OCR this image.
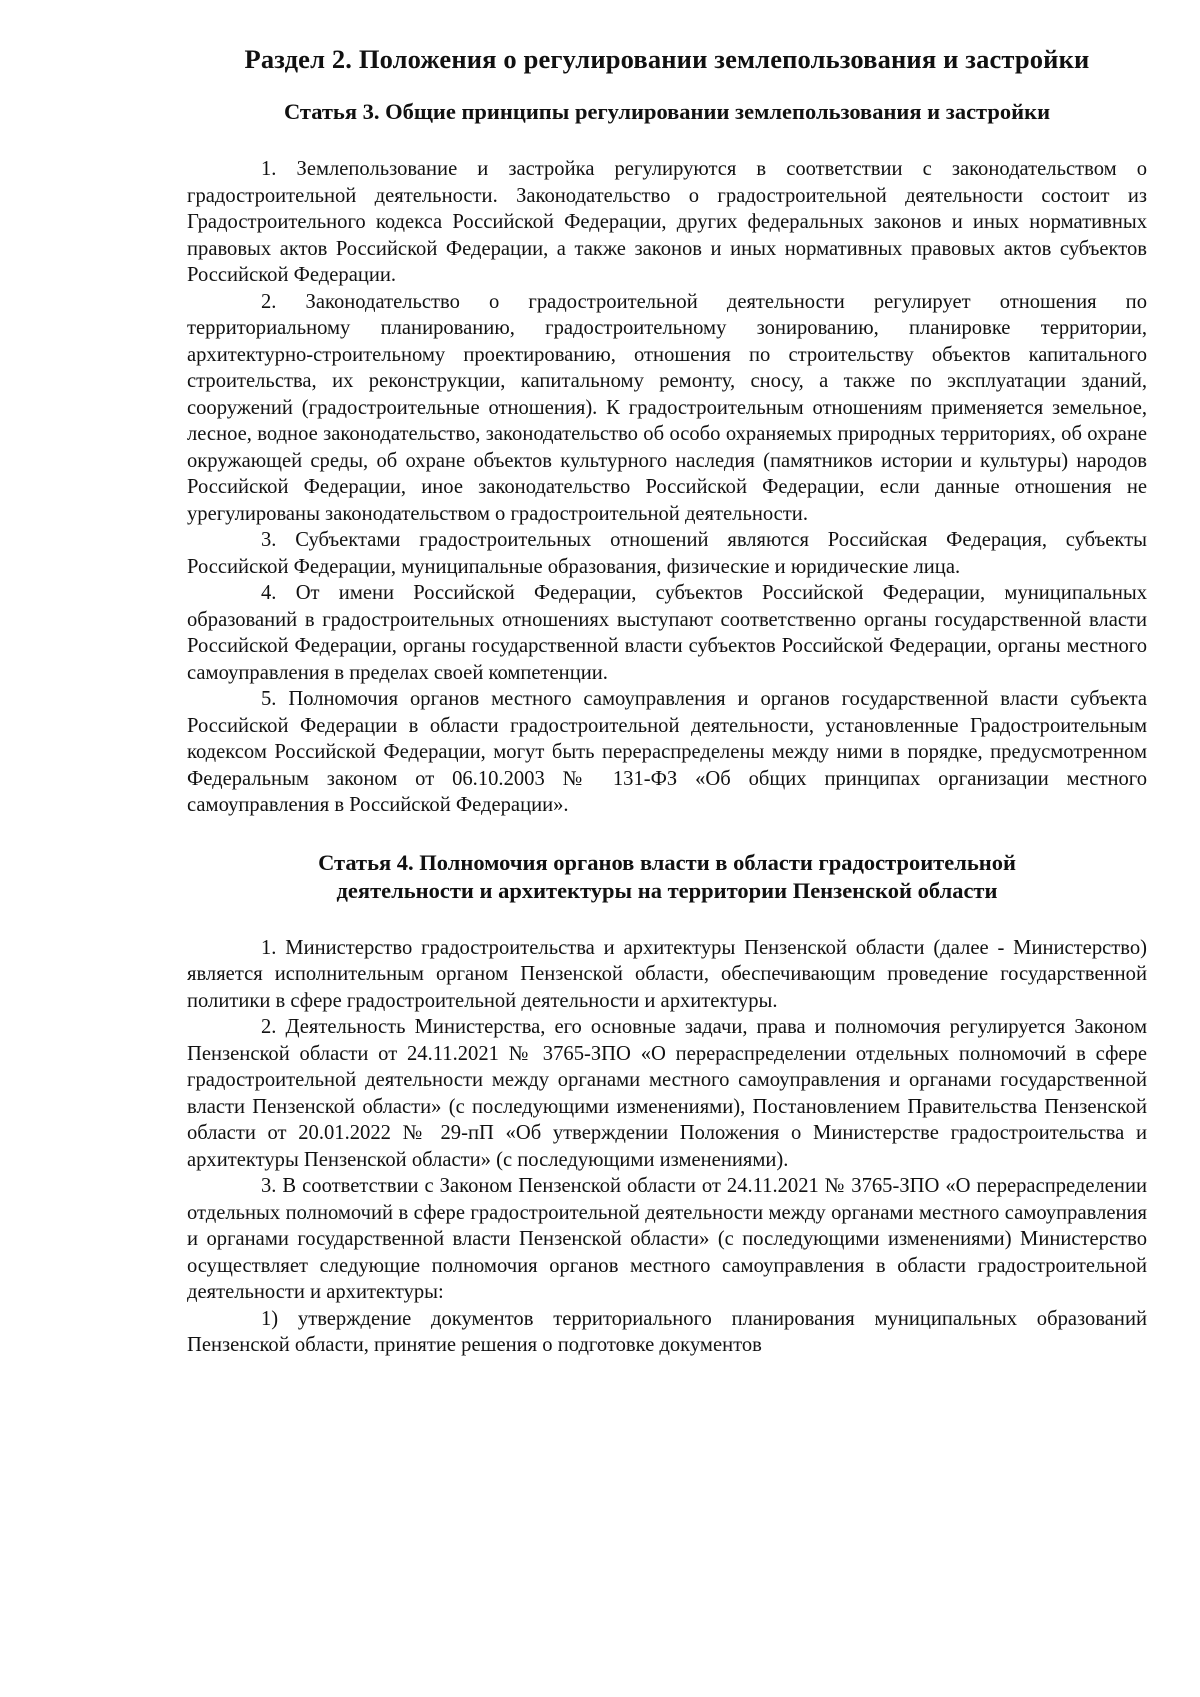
Раздел 2. Положения о регулировании землепользования и застройки
Статья 3. Общие принципы регулировании землепользования и застройки

1. Землепользование и застройка регулируются в соответствии с законодательством о градостроительной деятельности. Законодательство о градостроительной деятельности состоит из Градостроительного кодекса Российской Федерации, других федеральных законов и иных нормативных правовых актов Российской Федерации, а также законов и иных нормативных правовых актов субъектов Российской Федерации.

2. Законодательство о градостроительной деятельности регулирует отношения по территориальному планированию, градостроительному зонированию, планировке территории, архитектурно-строительному проектированию, отношения по строительству объектов капитального строительства, их реконструкции, капитальному ремонту, сносу, а также по эксплуатации зданий, сооружений (градостроительные отношения). К градостроительным отношениям применяется земельное, лесное, водное законодательство, законодательство об особо охраняемых природных территориях, об охране окружающей среды, об охране объектов культурного наследия (памятников истории и культуры) народов Российской Федерации, иное законодательство Российской Федерации, если данные отношения не урегулированы законодательством о градостроительной деятельности.

3. Субъектами градостроительных отношений являются Российская Федерация, субъекты Российской Федерации, муниципальные образования, физические и юридические лица.

4. От имени Российской Федерации, субъектов Российской Федерации, муниципальных образований в градостроительных отношениях выступают соответственно органы государственной власти Российской Федерации, органы государственной власти субъектов Российской Федерации, органы местного самоуправления в пределах своей компетенции.

5. Полномочия органов местного самоуправления и органов государственной власти субъекта Российской Федерации в области градостроительной деятельности, установленные Градостроительным кодексом Российской Федерации, могут быть перераспределены между ними в порядке, предусмотренном Федеральным законом от 06.10.2003 № 131-ФЗ «Об общих принципах организации местного самоуправления в Российской Федерации».

Статья 4. Полномочия органов власти в области градостроительной
деятельности и архитектуры на территории Пензенской области

1. Министерство градостроительства и архитектуры Пензенской области (далее - Министерство) является исполнительным органом Пензенской области, обеспечивающим проведение государственной политики в сфере градостроительной деятельности и архитектуры.

2. Деятельность Министерства, его основные задачи, права и полномочия регулируется Законом Пензенской области от 24.11.2021 № 3765-ЗПО «О перераспределении отдельных полномочий в сфере градостроительной деятельности между органами местного самоуправления и органами государственной власти Пензенской области» (с последующими изменениями), Постановлением Правительства Пензенской области от 20.01.2022 № 29-пП «Об утверждении Положения о Министерстве градостроительства и архитектуры Пензенской области» (с последующими изменениями).

3. В соответствии с Законом Пензенской области от 24.11.2021 № 3765-ЗПО «О перераспределении отдельных полномочий в сфере градостроительной деятельности между органами местного самоуправления и органами государственной власти Пензенской области» (с последующими изменениями) Министерство осуществляет следующие полномочия органов местного самоуправления в области градостроительной деятельности и архитектуры:

1) утверждение документов территориального планирования муниципальных образований Пензенской области, принятие решения о подготовке документов
